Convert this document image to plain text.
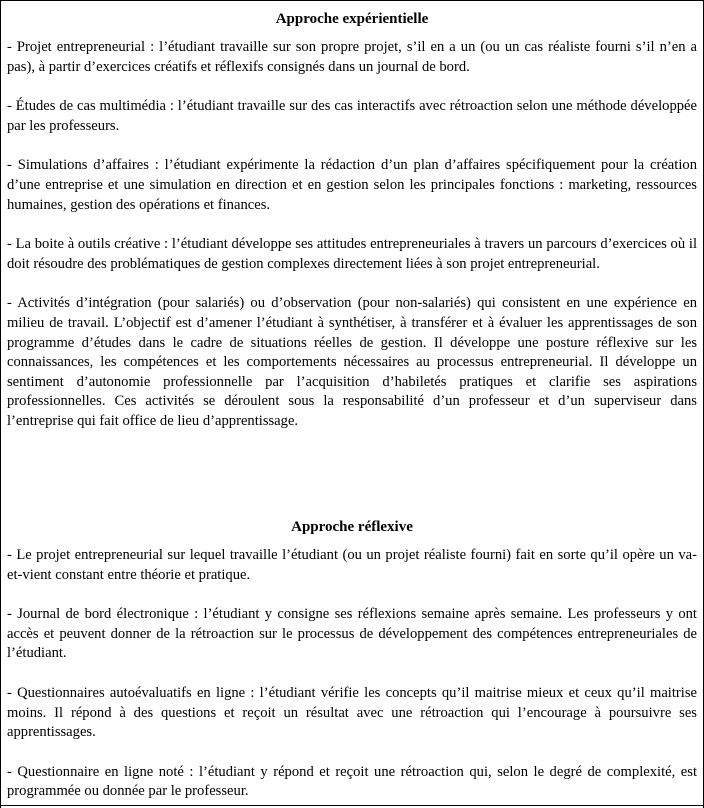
Approche expérientielle

- Projet entrepreneurial : l’étudiant travaille sur son propre projet, s’il en a un (ou un cas réaliste fourni s’il n’en a pas), à partir d’exercices créatifs et réflexifs consignés dans un journal de bord.

- Études de cas multimédia : l’étudiant travaille sur des cas interactifs avec rétroaction selon une méthode développée par les professeurs.

- Simulations d’affaires : l’étudiant expérimente la rédaction d’un plan d’affaires spécifiquement pour la création d’une entreprise et une simulation en direction et en gestion selon les principales fonctions : marketing, ressources humaines, gestion des opérations et finances.

- La boite à outils créative : l’étudiant développe ses attitudes entrepreneuriales à travers un parcours d’exercices où il doit résoudre des problématiques de gestion complexes directement liées à son projet entrepreneurial.

- Activités d’intégration (pour salariés) ou d’observation (pour non-salariés) qui consistent en une expérience en milieu de travail. L’objectif est d’amener l’étudiant à synthétiser, à transférer et à évaluer les apprentissages de son programme d’études dans le cadre de situations réelles de gestion. Il développe une posture réflexive sur les connaissances, les compétences et les comportements nécessaires au processus entrepreneurial. Il développe un sentiment d’autonomie professionnelle par l’acquisition d’habiletés pratiques et clarifie ses aspirations professionnelles. Ces activités se déroulent sous la responsabilité d’un professeur et d’un superviseur dans l’entreprise qui fait office de lieu d’apprentissage.

Approche réflexive

- Le projet entrepreneurial sur lequel travaille l’étudiant (ou un projet réaliste fourni) fait en sorte qu’il opère un va-et-vient constant entre théorie et pratique.

- Journal de bord électronique : l’étudiant y consigne ses réflexions semaine après semaine. Les professeurs y ont accès et peuvent donner de la rétroaction sur le processus de développement des compétences entrepreneuriales de l’étudiant.

- Questionnaires autoévaluatifs en ligne : l’étudiant vérifie les concepts qu’il maitrise mieux et ceux qu’il maitrise moins. Il répond à des questions et reçoit un résultat avec une rétroaction qui l’encourage à poursuivre ses apprentissages.

- Questionnaire en ligne noté : l’étudiant y répond et reçoit une rétroaction qui, selon le degré de complexité, est programmée ou donnée par le professeur.
